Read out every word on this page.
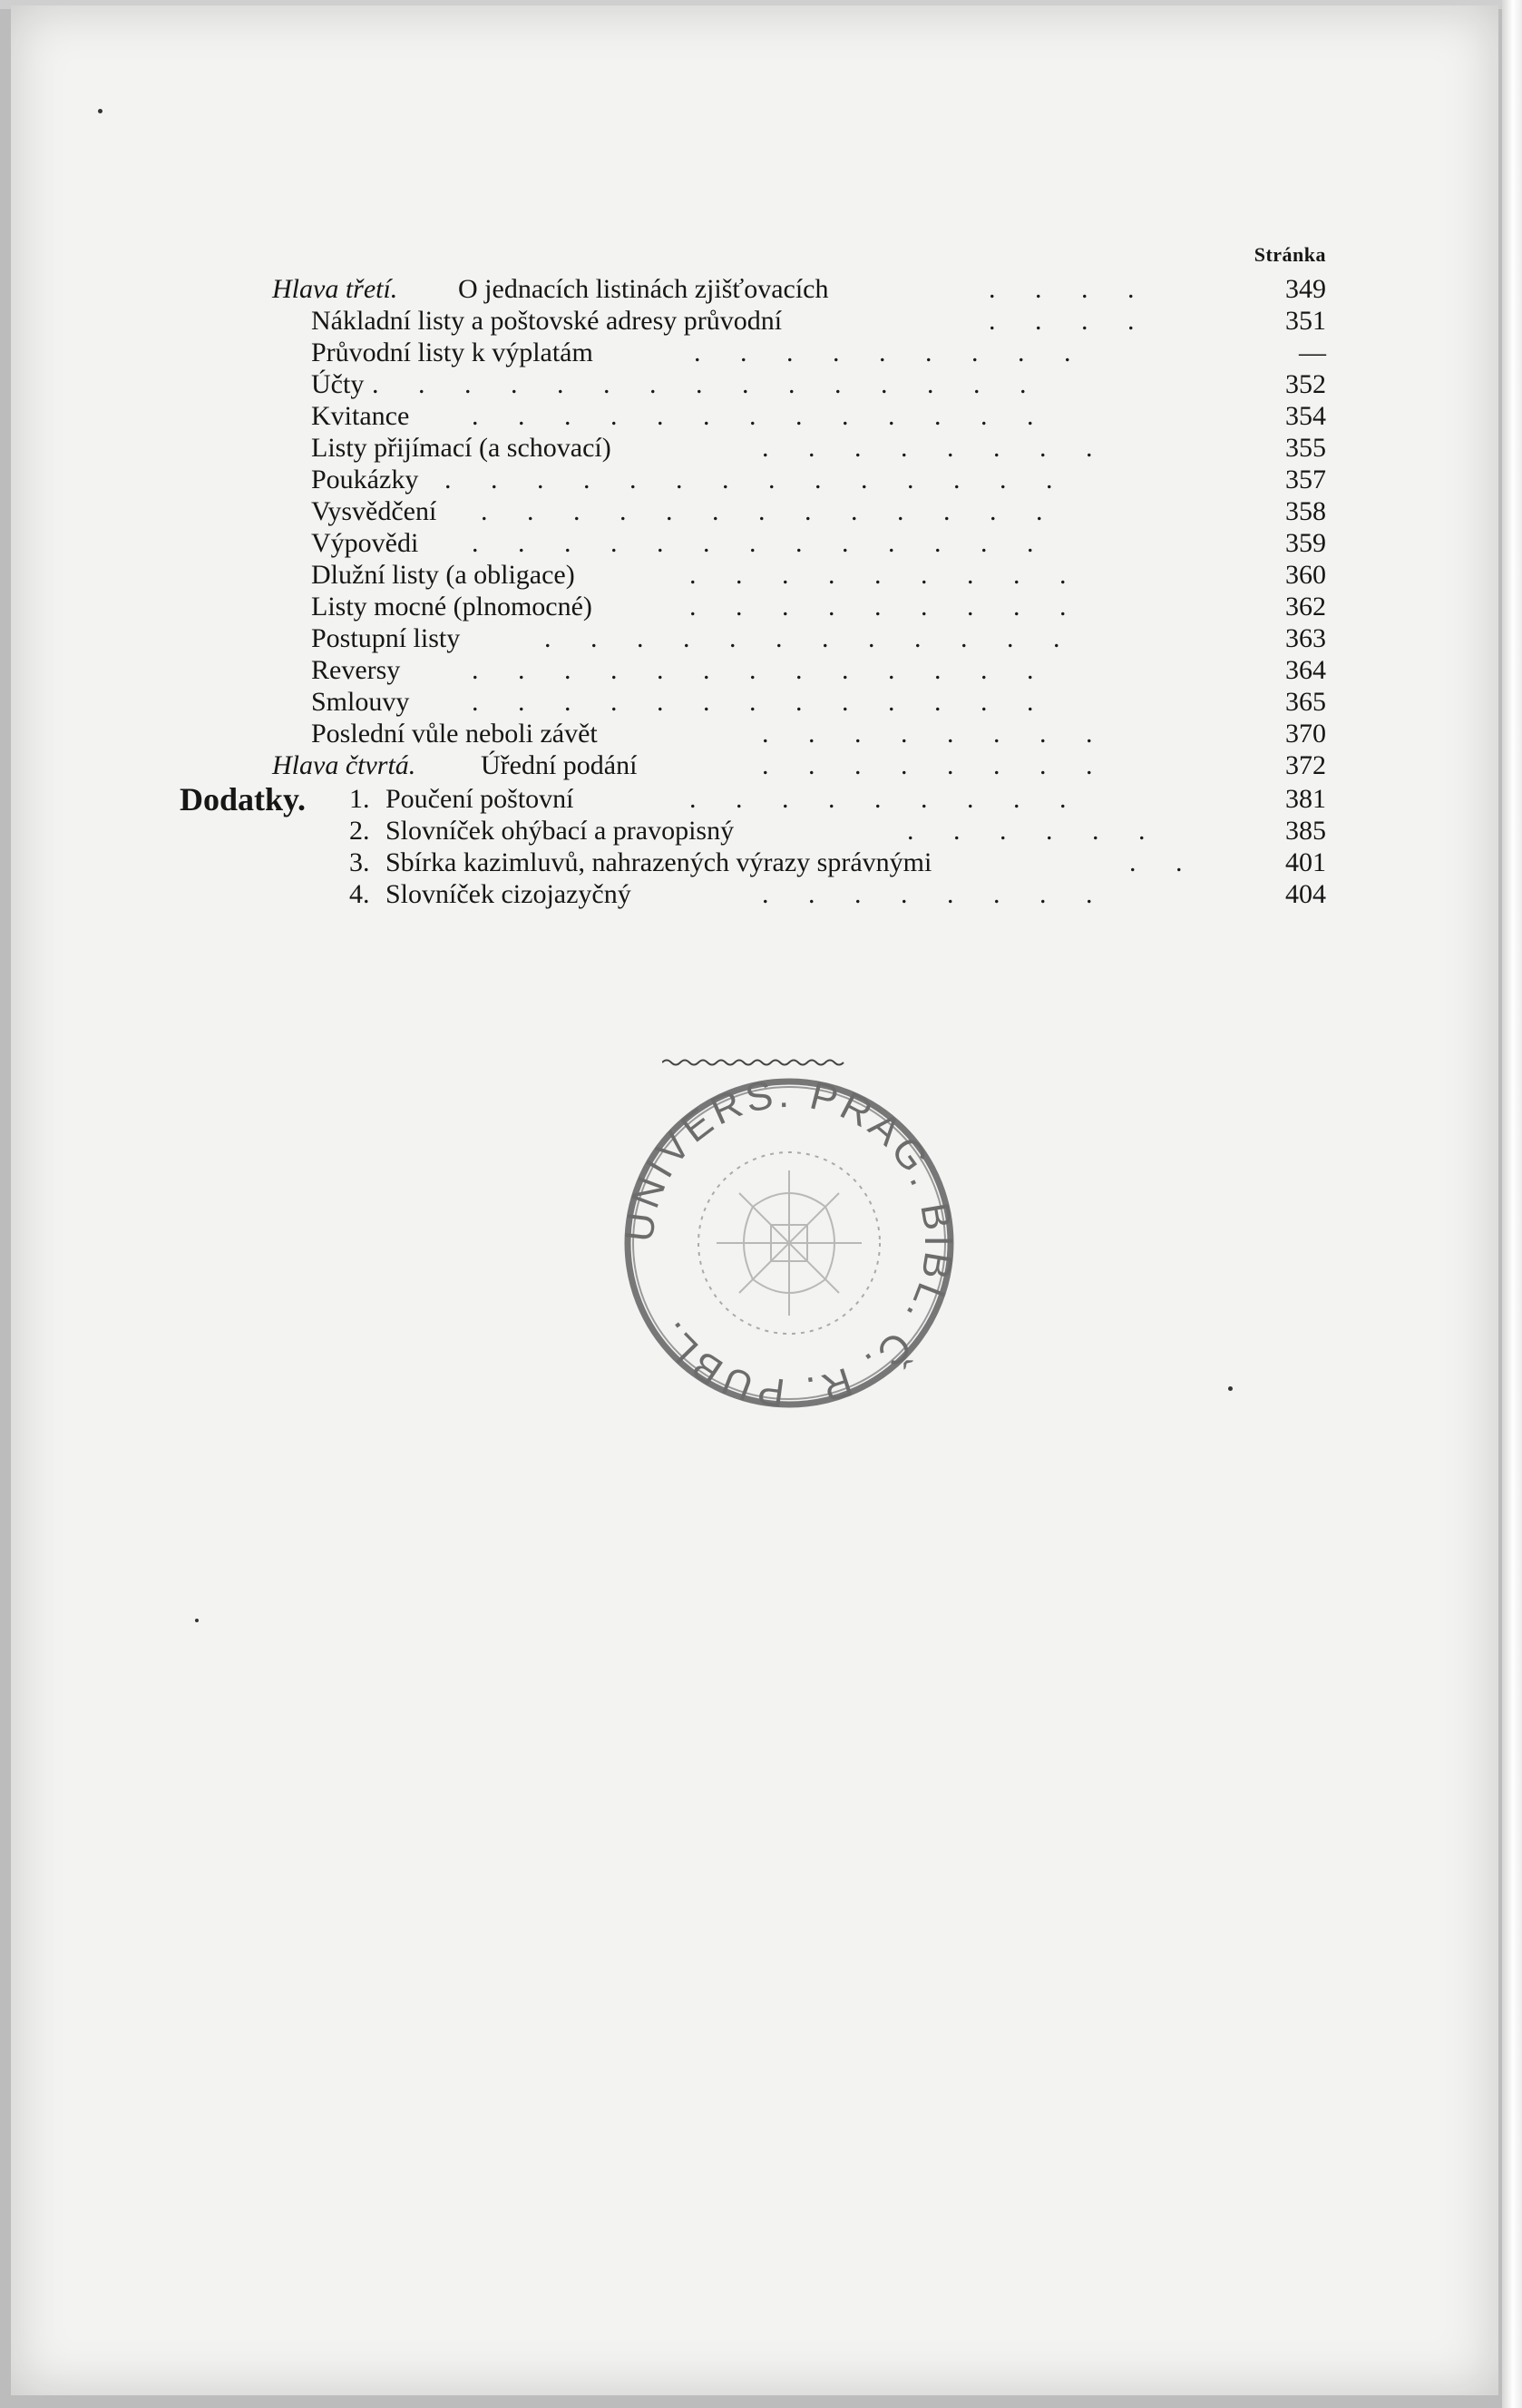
Stránka
Hlava třetí. O jednacích listinách zjišťovacích	. . . .	349
Nákladní listy a poštovské adresy průvodní	. . . .	351
Průvodní listy k výplatám	. . . . . . . . .	—
Účty . . . . . . . . . . . . . . .	352
Kvitance . . . . . . . . . . . . .	354
Listy přijímací (a schovací)	. . . . . . . .	355
Poukázky . . . . . . . . . . . . . .	357
Vysvědčení . . . . . . . . . . . . .	358
Výpovědi . . . . . . . . . . . . .	359
Dlužní listy (a obligace)	. . . . . . . . .	360
Listy mocné (plnomocné)	. . . . . . . . .	362
Postupní listy	. . . . . . . . . . . .	363
Reversy	. . . . . . . . . . . . .	364
Smlouvy . . . . . . . . . . . . .	365
Poslední vůle neboli závět	. . . . . . . .	370
Hlava čtvrtá. Úřední podání	. . . . . . . .	372
Dodatky. 1. Poučení poštovní	. . . . . . . . .	381
2. Slovníček ohýbací a pravopisný	. . . . . .	385
3. Sbírka kazimluvů, nahrazených výrazy správnými	. .	401
4. Slovníček cizojazyčný	. . . . . . . .	404
UNIVERS. PRAG. BIBL. Č. R. PUBL.
